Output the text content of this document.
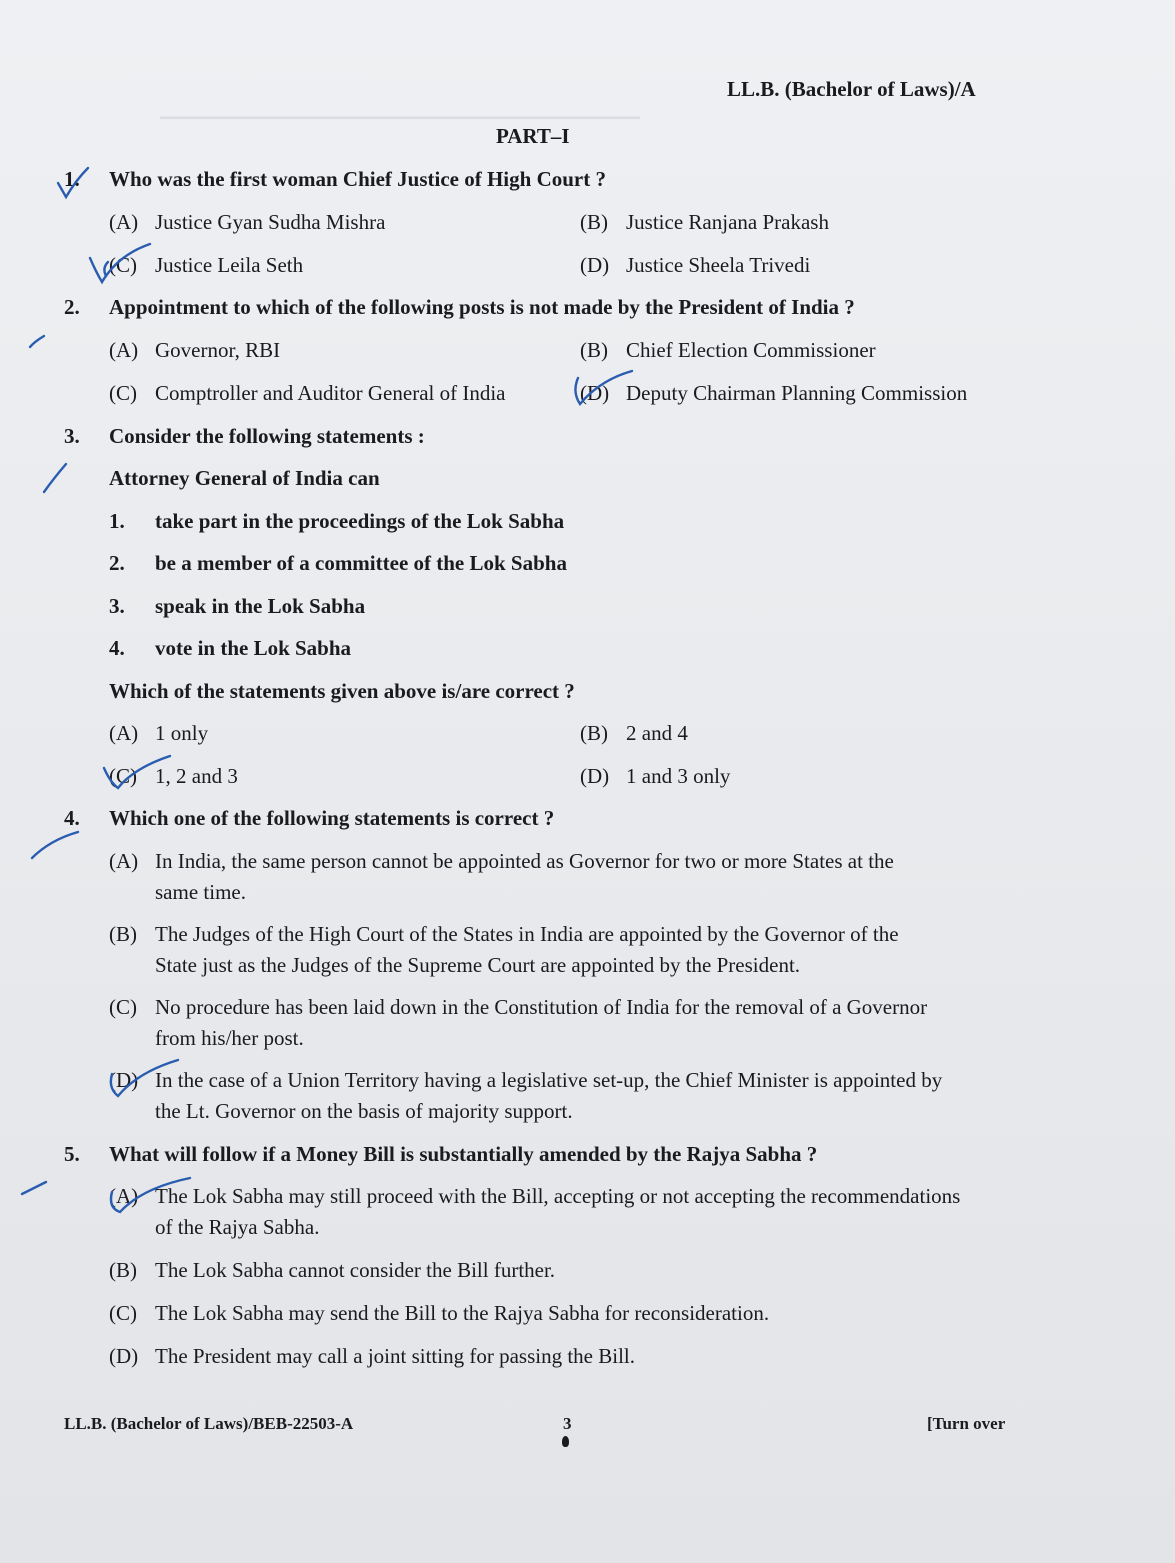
▁▁▁▁▁▁▁▁▁▁▁▁▁▁▁▁▁▁▁▁▁▁▁▁▁▁▁▁▁▁▁▁▁▁▁▁▁▁▁
LL.B. (Bachelor of Laws)/A
PART–I
1. Who was the first woman Chief Justice of High Court ?
(A) Justice Gyan Sudha Mishra	(B) Justice Ranjana Prakash
(C) Justice Leila Seth	(D) Justice Sheela Trivedi
2. Appointment to which of the following posts is not made by the President of India ?
(A) Governor, RBI	(B) Chief Election Commissioner
(C) Comptroller and Auditor General of India	(D) Deputy Chairman Planning Commission
3. Consider the following statements :
Attorney General of India can
1. take part in the proceedings of the Lok Sabha
2. be a member of a committee of the Lok Sabha
3. speak in the Lok Sabha
4. vote in the Lok Sabha
Which of the statements given above is/are correct ?
(A) 1 only	(B) 2 and 4
(C) 1, 2 and 3	(D) 1 and 3 only
4. Which one of the following statements is correct ?
(A) In India, the same person cannot be appointed as Governor for two or more States at the
same time.
(B) The Judges of the High Court of the States in India are appointed by the Governor of the
State just as the Judges of the Supreme Court are appointed by the President.
(C) No procedure has been laid down in the Constitution of India for the removal of a Governor
from his/her post.
(D) In the case of a Union Territory having a legislative set-up, the Chief Minister is appointed by
the Lt. Governor on the basis of majority support.
5. What will follow if a Money Bill is substantially amended by the Rajya Sabha ?
(A) The Lok Sabha may still proceed with the Bill, accepting or not accepting the recommendations
of the Rajya Sabha.
(B) The Lok Sabha cannot consider the Bill further.
(C) The Lok Sabha may send the Bill to the Rajya Sabha for reconsideration.
(D) The President may call a joint sitting for passing the Bill.
LL.B. (Bachelor of Laws)/BEB-22503-A	3	[Turn over
